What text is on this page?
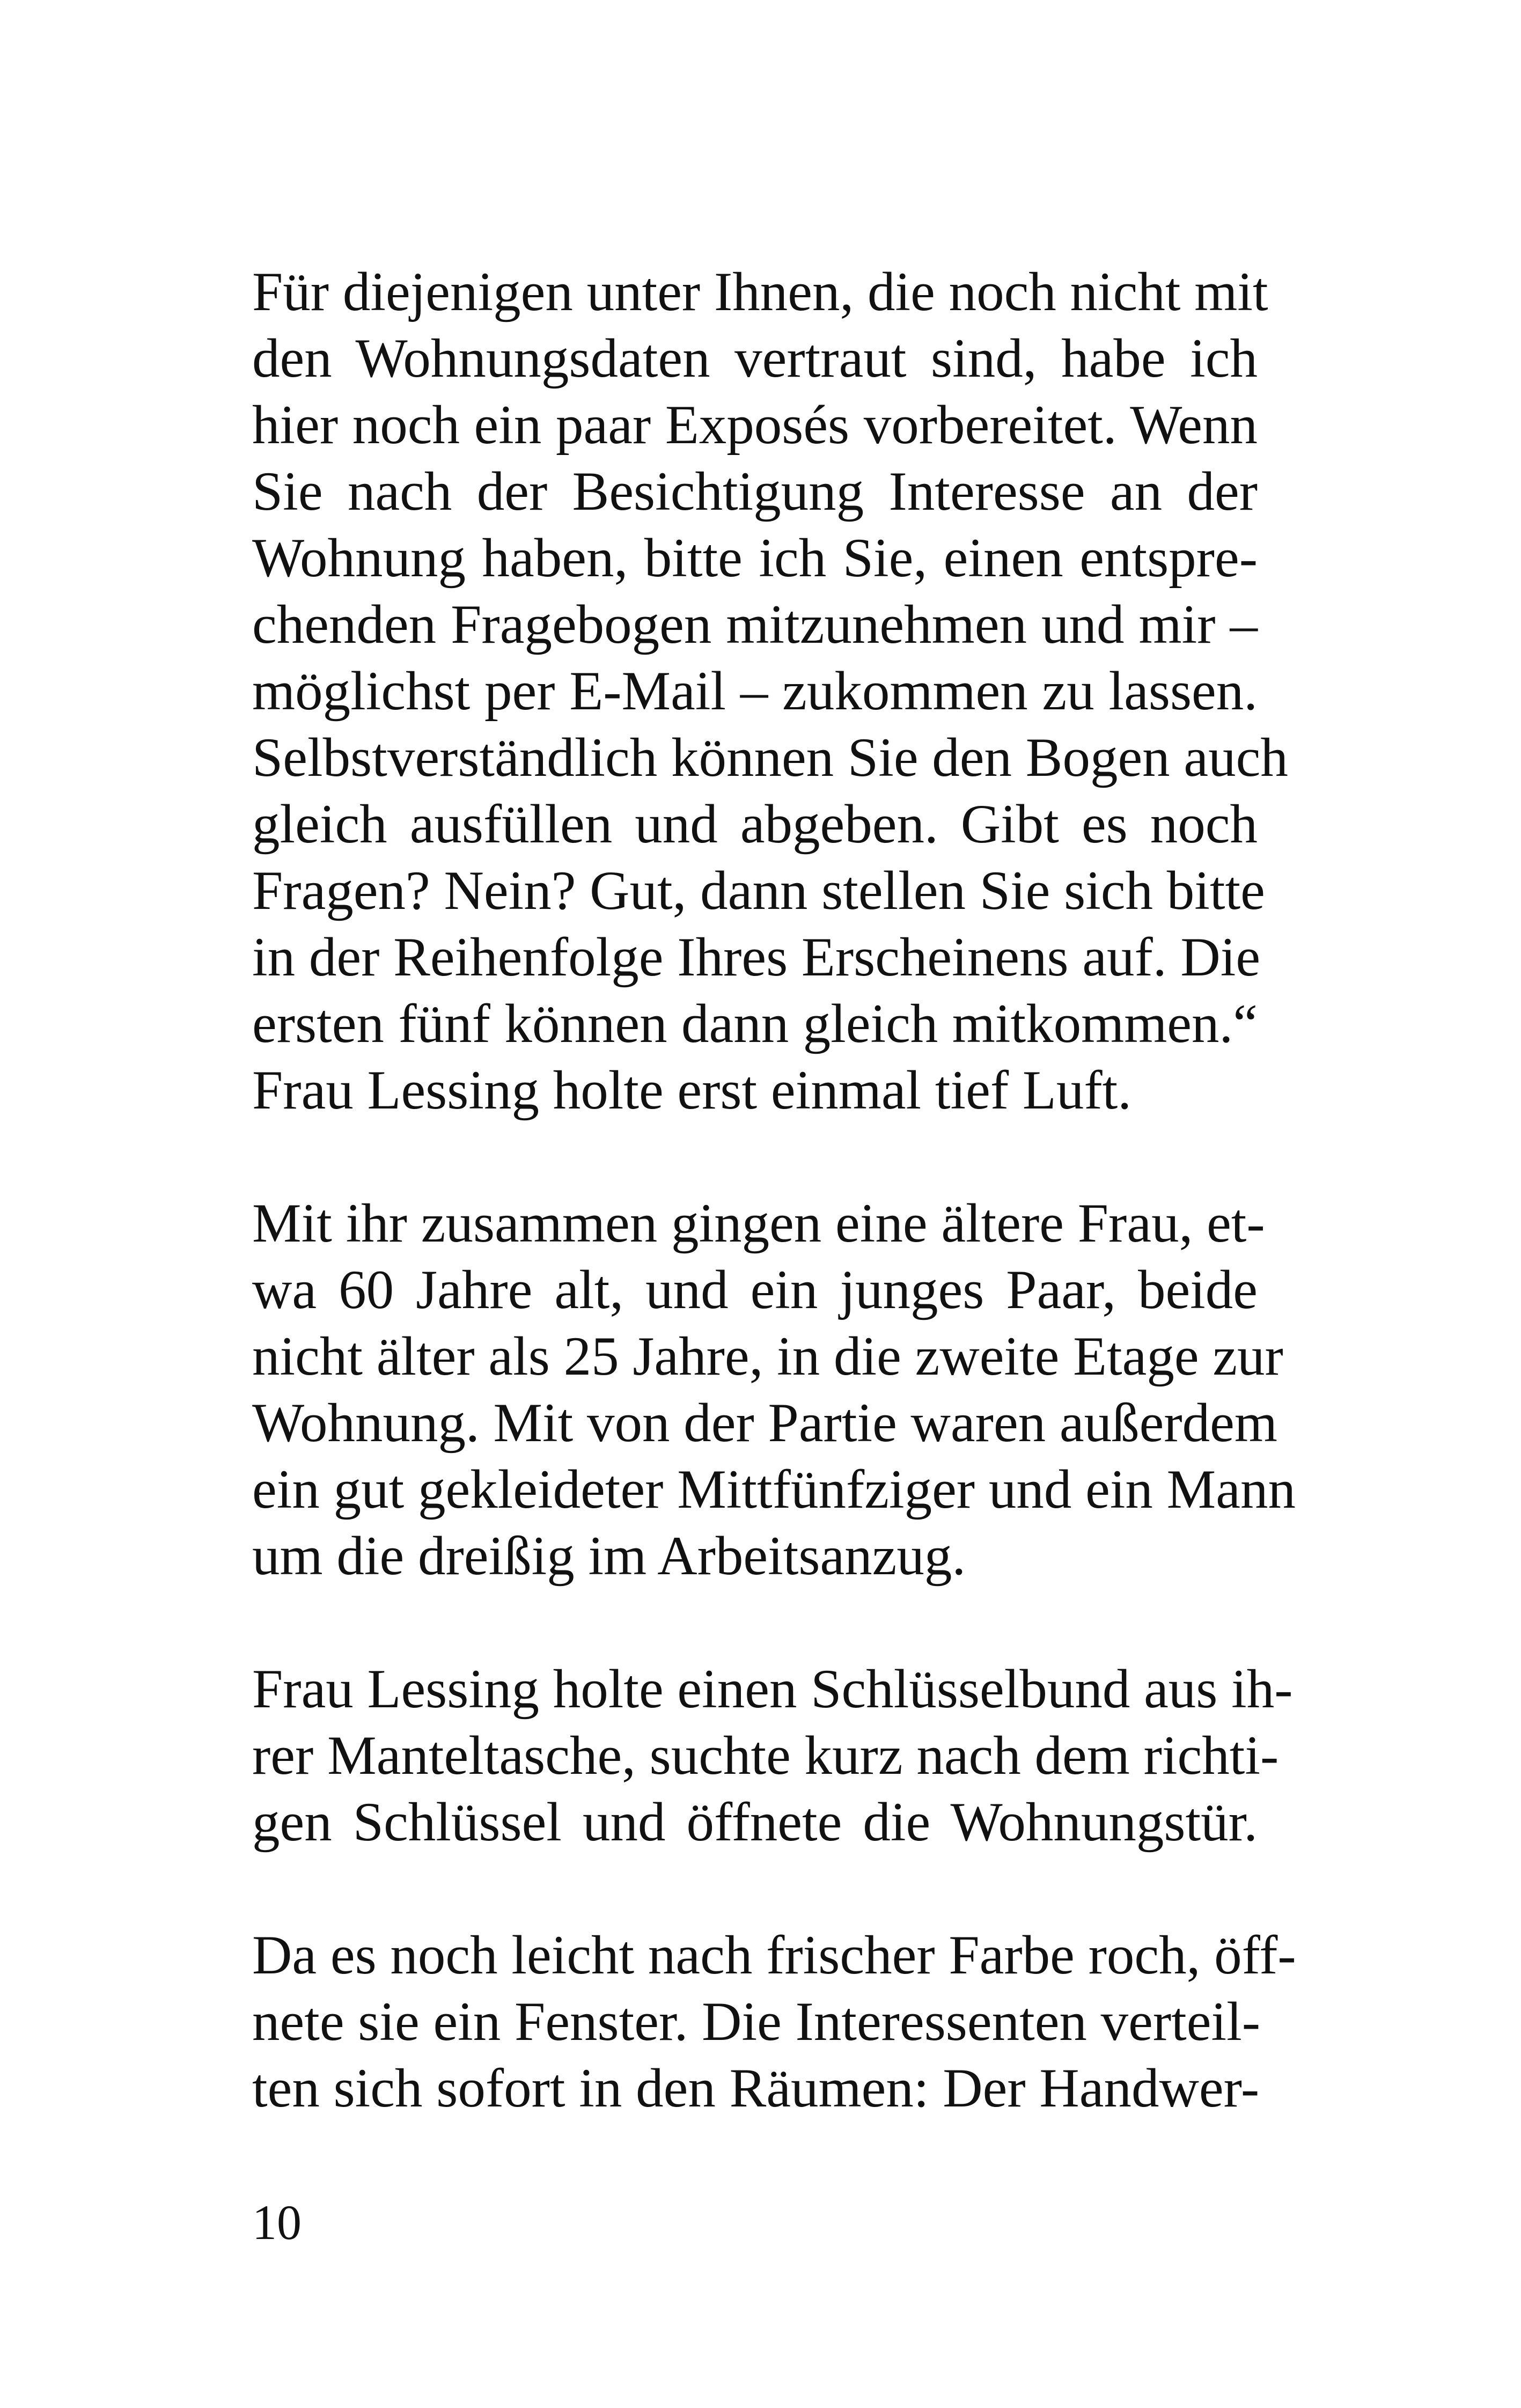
Für diejenigen unter Ihnen, die noch nicht mit
den Wohnungsdaten vertraut sind, habe ich
hier noch ein paar Exposés vorbereitet. Wenn
Sie nach der Besichtigung Interesse an der
Wohnung haben, bitte ich Sie, einen entspre-
chenden Fragebogen mitzunehmen und mir –
möglichst per E-Mail – zukommen zu lassen.
Selbstverständlich können Sie den Bogen auch
gleich ausfüllen und abgeben. Gibt es noch
Fragen? Nein? Gut, dann stellen Sie sich bitte
in der Reihenfolge Ihres Erscheinens auf. Die
ersten fünf können dann gleich mitkommen.“
Frau Lessing holte erst einmal tief Luft.

Mit ihr zusammen gingen eine ältere Frau, et-
wa 60 Jahre alt, und ein junges Paar, beide
nicht älter als 25 Jahre, in die zweite Etage zur
Wohnung. Mit von der Partie waren außerdem
ein gut gekleideter Mittfünfziger und ein Mann
um die dreißig im Arbeitsanzug.

Frau Lessing holte einen Schlüsselbund aus ih-
rer Manteltasche, suchte kurz nach dem richti-
gen Schlüssel und öffnete die Wohnungstür.

Da es noch leicht nach frischer Farbe roch, öff-
nete sie ein Fenster. Die Interessenten verteil-
ten sich sofort in den Räumen: Der Handwer-

10
